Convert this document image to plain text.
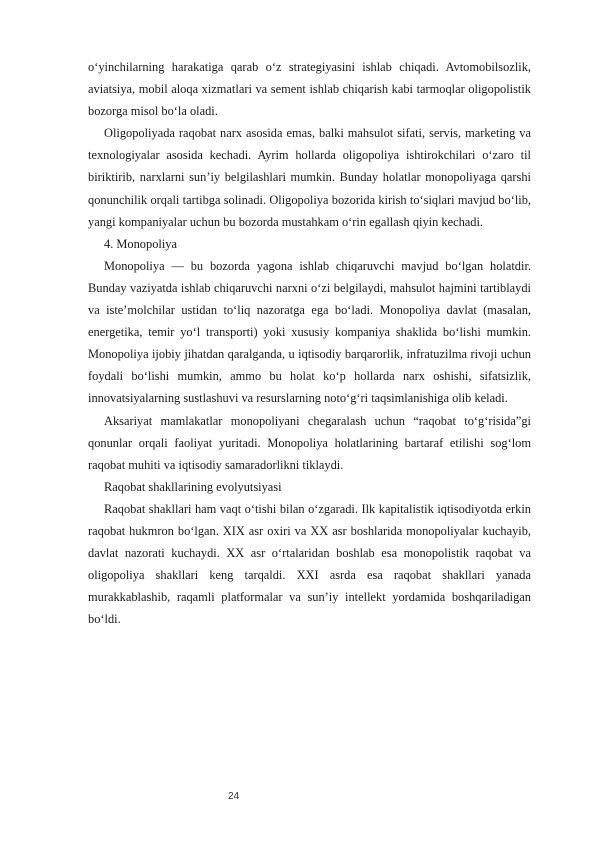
o‘yinchilarning harakatiga qarab o‘z strategiyasini ishlab chiqadi. Avtomobilsozlik, aviatsiya, mobil aloqa xizmatlari va sement ishlab chiqarish kabi tarmoqlar oligopolistik bozorga misol bo‘la oladi.

Oligopoliyada raqobat narx asosida emas, balki mahsulot sifati, servis, marketing va texnologiyalar asosida kechadi. Ayrim hollarda oligopoliya ishtirokchilari o‘zaro til biriktirib, narxlarni sun’iy belgilashlari mumkin. Bunday holatlar monopoliyaga qarshi qonunchilik orqali tartibga solinadi. Oligopoliya bozorida kirish to‘siqlari mavjud bo‘lib, yangi kompaniyalar uchun bu bozorda mustahkam o‘rin egallash qiyin kechadi.

4. Monopoliya

Monopoliya — bu bozorda yagona ishlab chiqaruvchi mavjud bo‘lgan holatdir. Bunday vaziyatda ishlab chiqaruvchi narxni o‘zi belgilaydi, mahsulot hajmini tartiblaydi va iste’molchilar ustidan to‘liq nazoratga ega bo‘ladi. Monopoliya davlat (masalan, energetika, temir yo‘l transporti) yoki xususiy kompaniya shaklida bo‘lishi mumkin. Monopoliya ijobiy jihatdan qaralganda, u iqtisodiy barqarorlik, infratuzilma rivoji uchun foydali bo‘lishi mumkin, ammo bu holat ko‘p hollarda narx oshishi, sifatsizlik, innovatsiyalarning sustlashuvi va resurslarning noto‘g‘ri taqsimlanishiga olib keladi.

Aksariyat mamlakatlar monopoliyani chegaralash uchun “raqobat to‘g‘risida”gi qonunlar orqali faoliyat yuritadi. Monopoliya holatlarining bartaraf etilishi sog‘lom raqobat muhiti va iqtisodiy samaradorlikni tiklaydi.

Raqobat shakllarining evolyutsiyasi

Raqobat shakllari ham vaqt o‘tishi bilan o‘zgaradi. Ilk kapitalistik iqtisodiyotda erkin raqobat hukmron bo‘lgan. XIX asr oxiri va XX asr boshlarida monopoliyalar kuchayib, davlat nazorati kuchaydi. XX asr o‘rtalaridan boshlab esa monopolistik raqobat va oligopoliya shakllari keng tarqaldi. XXI asrda esa raqobat shakllari yanada murakkablashib, raqamli platformalar va sun’iy intellekt yordamida boshqariladigan bo‘ldi.

24
